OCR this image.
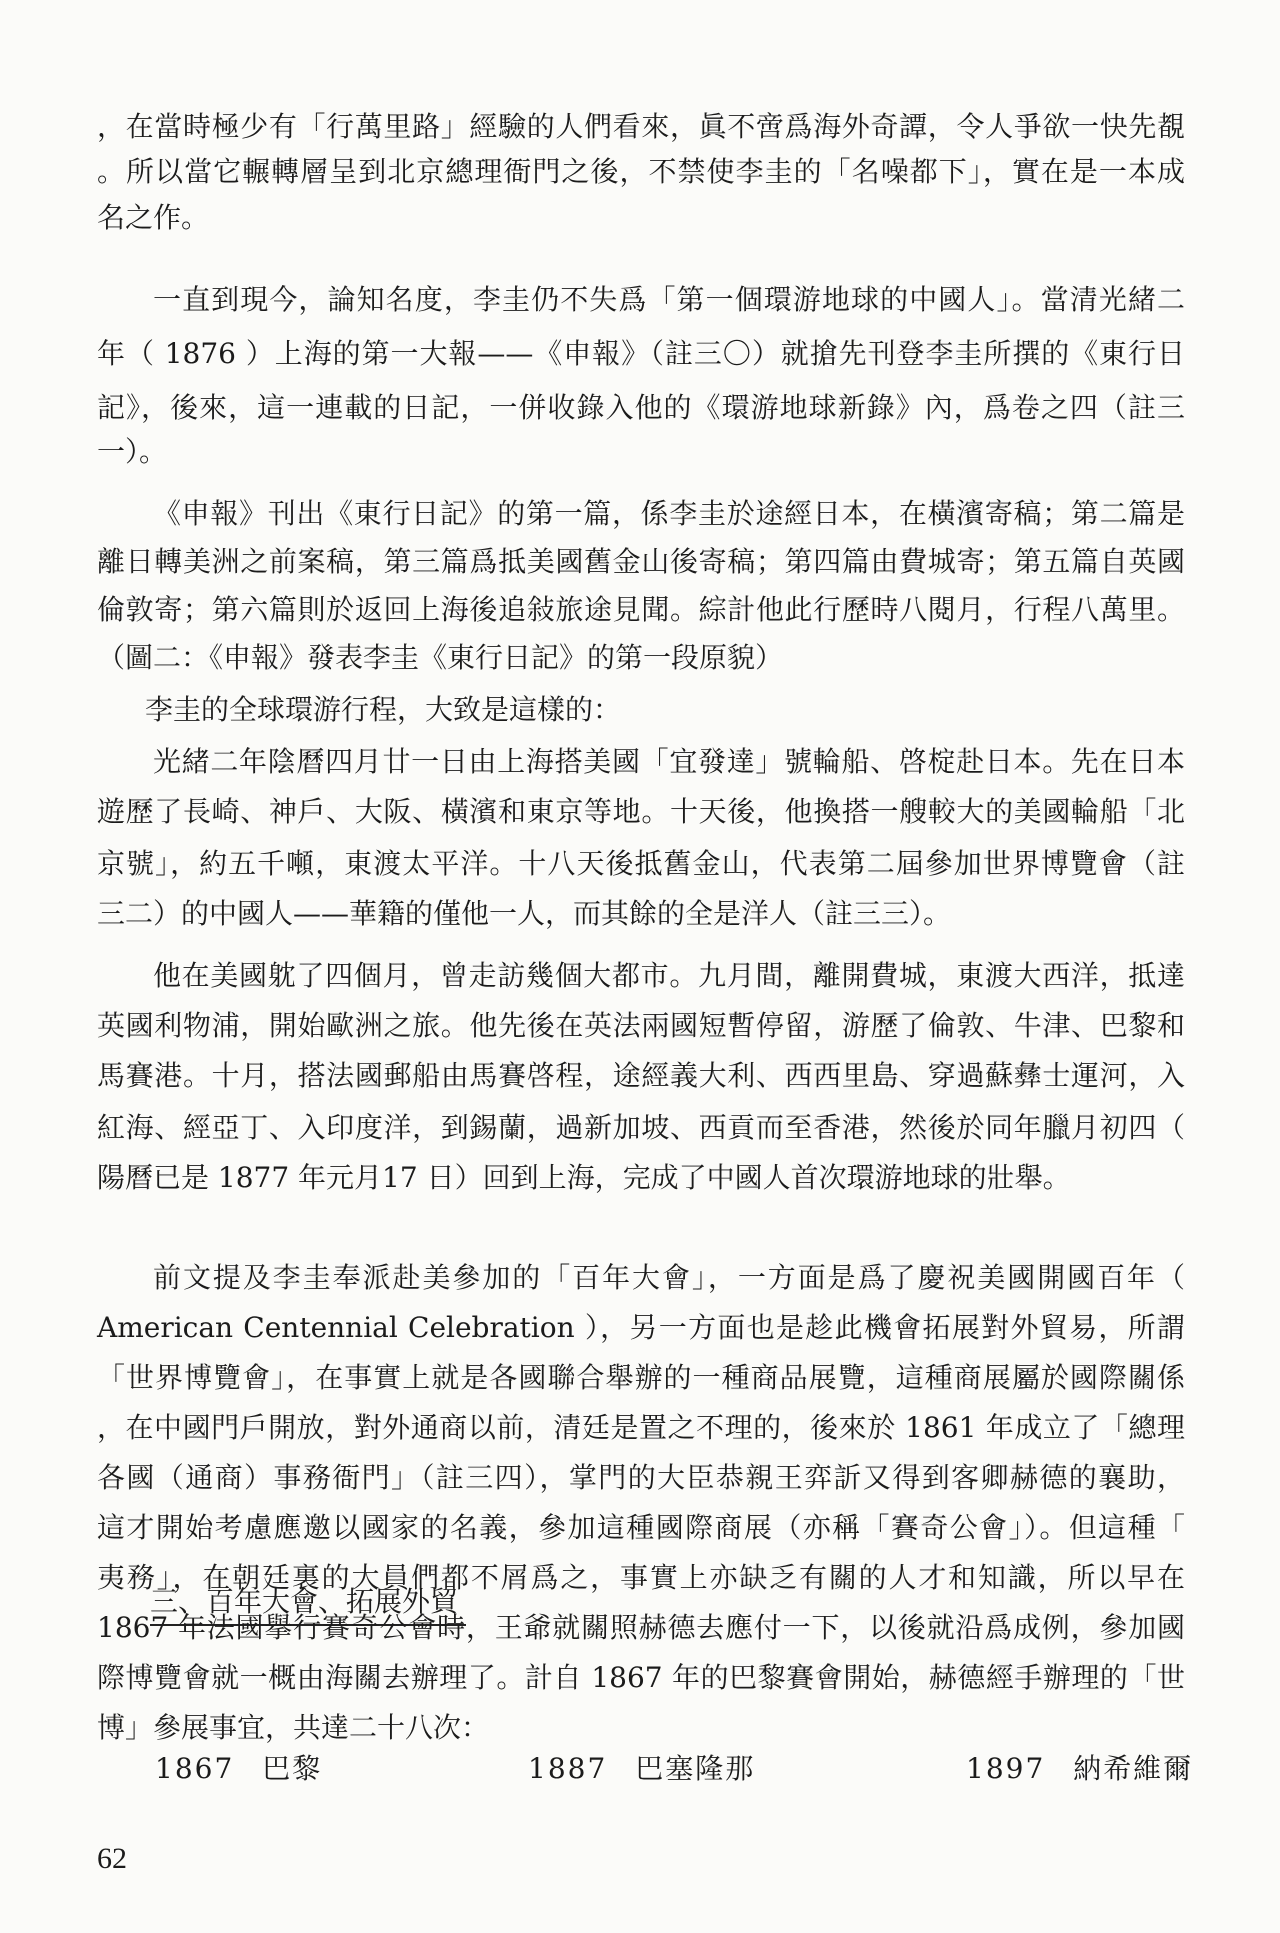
，在當時極少有「行萬里路」經驗的人們看來，眞不啻爲海外奇譚，令人爭欲一快先覩
。所以當它輾轉層呈到北京總理衙門之後，不禁使李圭的「名噪都下」，實在是一本成
名之作。
一直到現今，論知名度，李圭仍不失爲「第一個環游地球的中國人」。當清光緒二
年（ 1876 ）上海的第一大報——《申報》（註三〇）就搶先刊登李圭所撰的《東行日
記》，後來，這一連載的日記，一併收錄入他的《環游地球新錄》內，爲卷之四（註三
一）。
《申報》刊出《東行日記》的第一篇，係李圭於途經日本，在橫濱寄稿；第二篇是
離日轉美洲之前案稿，第三篇爲抵美國舊金山後寄稿；第四篇由費城寄；第五篇自英國
倫敦寄；第六篇則於返回上海後追敍旅途見聞。綜計他此行歷時八閱月，行程八萬里。
（圖二：《申報》發表李圭《東行日記》的第一段原貌）
李圭的全球環游行程，大致是這樣的：
光緒二年陰曆四月廿一日由上海搭美國「宜發達」號輪船、啓椗赴日本。先在日本
遊歷了長崎、神戶、大阪、橫濱和東京等地。十天後，他換搭一艘較大的美國輪船「北
京號」，約五千噸，東渡太平洋。十八天後抵舊金山，代表第二屆參加世界博覽會（註
三二）的中國人——華籍的僅他一人，而其餘的全是洋人（註三三）。
他在美國躭了四個月，曾走訪幾個大都市。九月間，離開費城，東渡大西洋，抵達
英國利物浦，開始歐洲之旅。他先後在英法兩國短暫停留，游歷了倫敦、牛津、巴黎和
馬賽港。十月，搭法國郵船由馬賽啓程，途經義大利、西西里島、穿過蘇彝士運河，入
紅海、經亞丁、入印度洋，到錫蘭，過新加坡、西貢而至香港，然後於同年臘月初四（
陽曆已是 1877 年元月17 日）回到上海，完成了中國人首次環游地球的壯舉。
三、百年大會、拓展外貿
前文提及李圭奉派赴美參加的「百年大會」，一方面是爲了慶祝美國開國百年（
American Centennial Celebration ），另一方面也是趁此機會拓展對外貿易，所謂
「世界博覽會」，在事實上就是各國聯合舉辦的一種商品展覽，這種商展屬於國際關係
，在中國門戶開放，對外通商以前，清廷是置之不理的，後來於 1861 年成立了「總理
各國（通商）事務衙門」（註三四），掌門的大臣恭親王弈訢又得到客卿赫德的襄助，
這才開始考慮應邀以國家的名義，參加這種國際商展（亦稱「賽奇公會」）。但這種「
夷務」，在朝廷裏的大員們都不屑爲之，事實上亦缺乏有關的人才和知識，所以早在
1867 年法國擧行賽奇公會時，王爺就關照赫德去應付一下，以後就沿爲成例，參加國
際博覽會就一概由海關去辦理了。計自 1867 年的巴黎賽會開始，赫德經手辦理的「世
博」參展事宜，共達二十八次：
1867 巴黎	1887 巴塞隆那	1897 納希維爾
62
